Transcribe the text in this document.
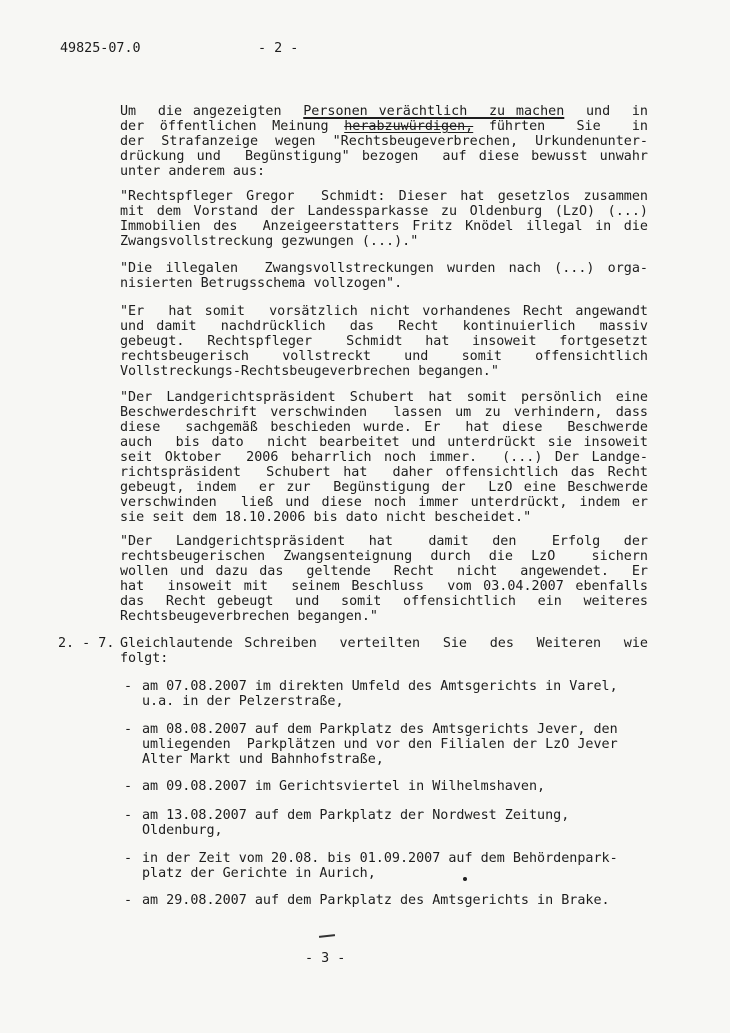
49825-07.0	- 2 -
Um  die angezeigten  Personen verächtlich  zu machen  und  in
der öffentlichen Meinung herabzuwürdigen, führten  Sie  in
der Strafanzeige wegen "Rechtsbeugeverbrechen, Urkundenunter-
drückung und  Begünstigung" bezogen  auf diese bewusst unwahr
unter anderem aus:
"Rechtspfleger Gregor  Schmidt: Dieser hat gesetzlos zusammen
mit dem Vorstand der Landessparkasse zu Oldenburg (LzO) (...)
Immobilien des  Anzeigeerstatters Fritz Knödel illegal in die
Zwangsvollstreckung gezwungen (...)."
"Die illegalen  Zwangsvollstreckungen wurden nach (...) orga-
nisierten Betrugsschema vollzogen".
"Er  hat somit  vorsätzlich nicht vorhandenes Recht angewandt
und damit  nachdrücklich  das  Recht  kontinuierlich  massiv
gebeugt.  Rechtspfleger   Schmidt  hat  insoweit  fortgesetzt
rechtsbeugerisch    vollstreckt    und    somit    offensichtlich
Vollstreckungs-Rechtsbeugeverbrechen begangen."
"Der Landgerichtspräsident Schubert hat somit persönlich eine
Beschwerdeschrift verschwinden  lassen um zu verhindern, dass
diese  sachgemäß beschieden wurde. Er  hat diese  Beschwerde
auch  bis dato  nicht bearbeitet und unterdrückt sie insoweit
seit Oktober  2006 beharrlich noch immer.  (...) Der Landge-
richtspräsident  Schubert hat  daher offensichtlich das Recht
gebeugt, indem  er zur  Begünstigung der  LzO eine Beschwerde
verschwinden  ließ und diese noch immer unterdrückt, indem er
sie seit dem 18.10.2006 bis dato nicht bescheidet."
"Der  Landgerichtspräsident  hat   damit  den   Erfolg  der
rechtsbeugerischen Zwangsenteignung durch die LzO  sichern
wollen und dazu das  geltende  Recht  nicht  angewendet.  Er
hat  insoweit mit  seinem Beschluss  vom 03.04.2007 ebenfalls
das  Recht gebeugt  und  somit  offensichtlich  ein  weiteres
Rechtsbeugeverbrechen begangen."
2. - 7. Gleichlautende Schreiben  verteilten  Sie  des  Weiteren  wie
folgt:
- am 07.08.2007 im direkten Umfeld des Amtsgerichts in Varel,
u.a. in der Pelzerstraße,
- am 08.08.2007 auf dem Parkplatz des Amtsgerichts Jever, den
umliegenden  Parkplätzen und vor den Filialen der LzO Jever
Alter Markt und Bahnhofstraße,
- am 09.08.2007 im Gerichtsviertel in Wilhelmshaven,
- am 13.08.2007 auf dem Parkplatz der Nordwest Zeitung,
Oldenburg,
- in der Zeit vom 20.08. bis 01.09.2007 auf dem Behördenpark-
platz der Gerichte in Aurich,
- am 29.08.2007 auf dem Parkplatz des Amtsgerichts in Brake.
- 3 -
